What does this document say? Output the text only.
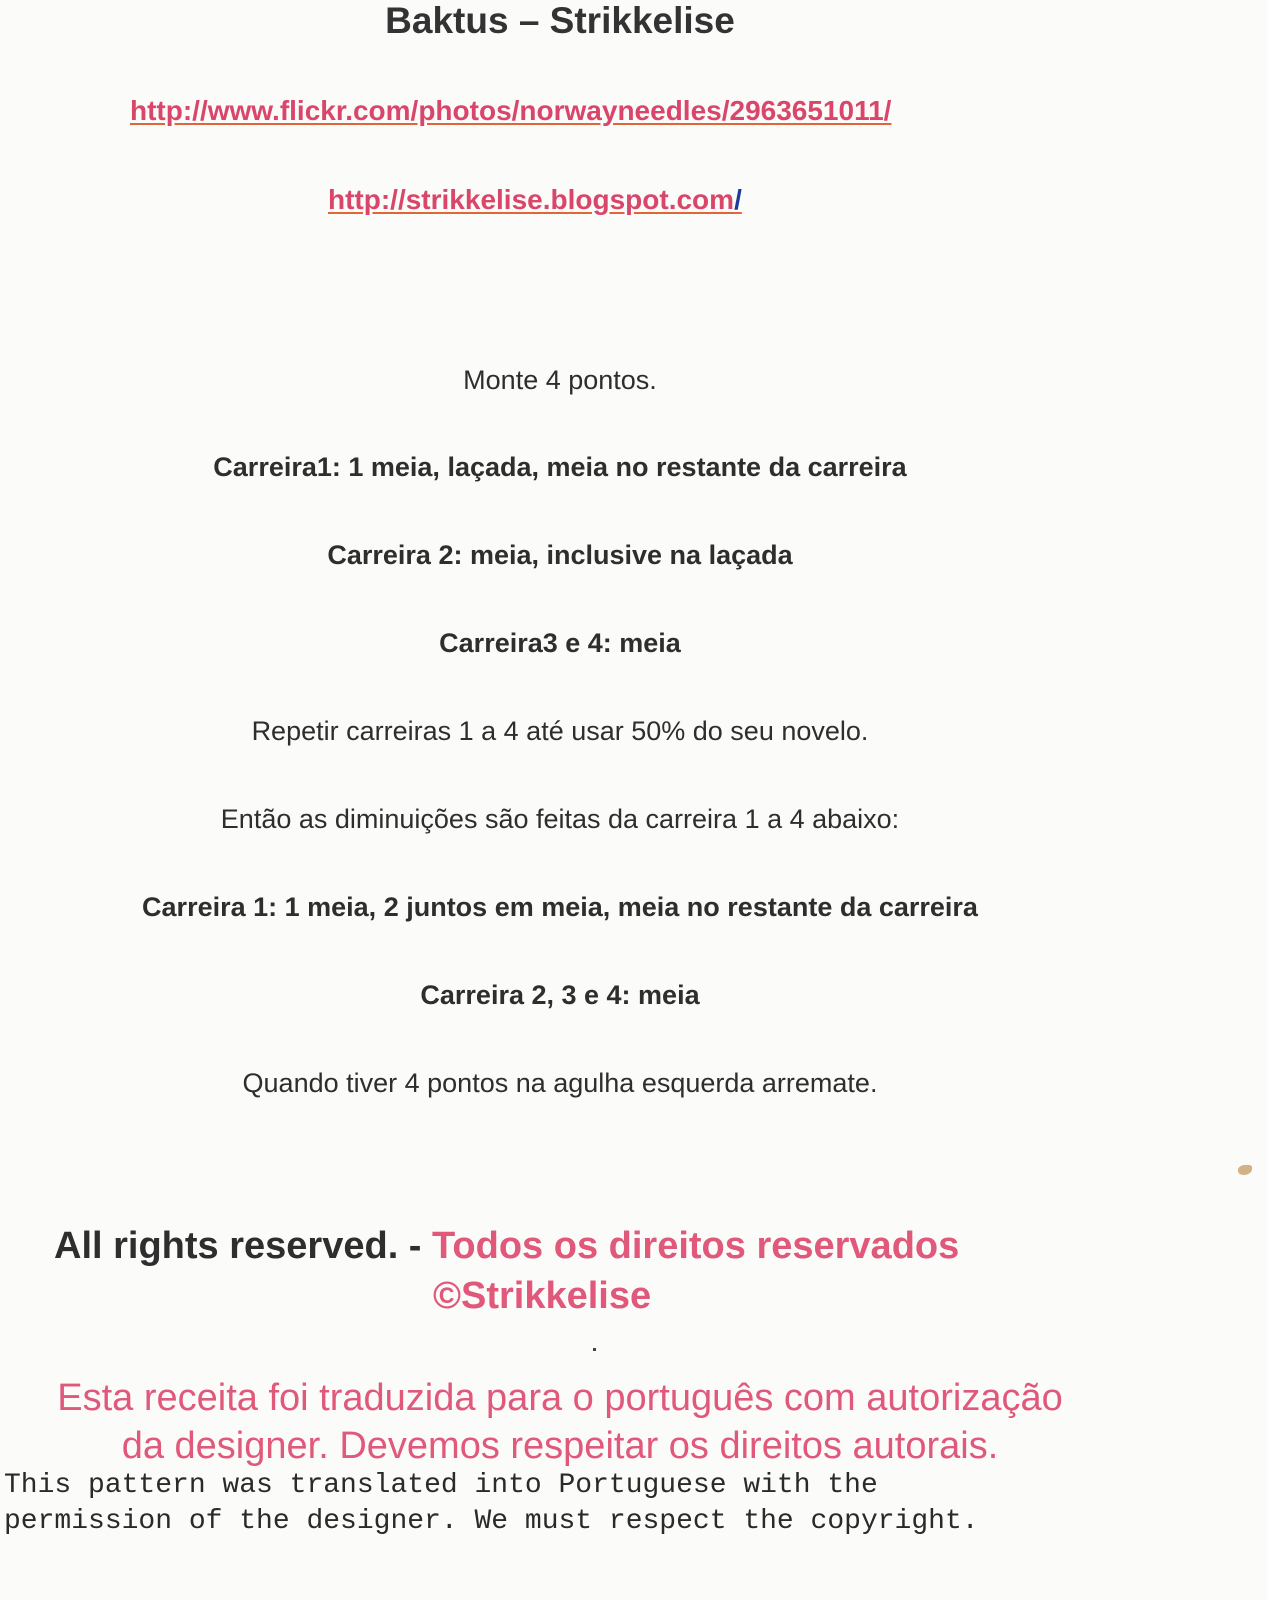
Baktus – Strikkelise
http://www.flickr.com/photos/norwayneedles/2963651011/
http://strikkelise.blogspot.com/
Monte 4 pontos.
Carreira1: 1 meia, laçada, meia no restante da carreira
Carreira 2: meia, inclusive na laçada
Carreira3 e 4: meia
Repetir carreiras 1 a 4 até usar 50% do seu novelo.
Então as diminuições são feitas da carreira 1 a 4 abaixo:
Carreira 1: 1 meia, 2 juntos em meia, meia no restante da carreira
Carreira 2, 3 e 4: meia
Quando tiver 4 pontos na agulha esquerda arremate.
All rights reserved. - Todos os direitos reservados
©Strikkelise
Esta receita foi traduzida para o português com autorização
da designer. Devemos respeitar os direitos autorais.
This pattern was translated into Portuguese with the
permission of the designer. We must respect the copyright.
